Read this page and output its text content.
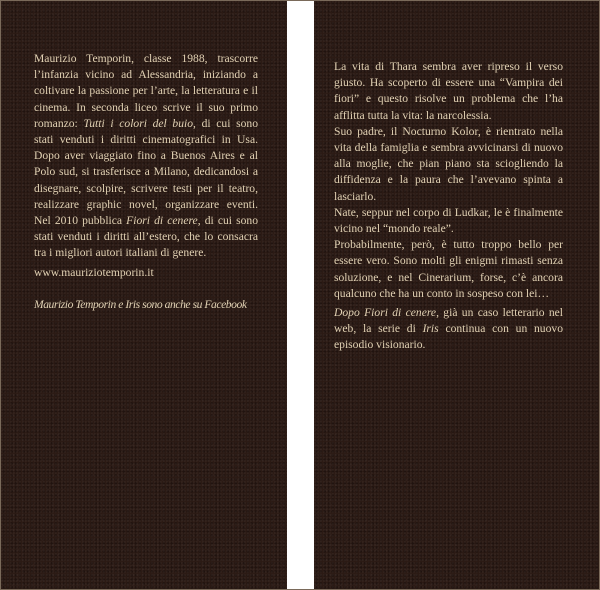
Maurizio Temporin, classe 1988, trascorre l’infanzia vicino ad Alessandria, iniziando a coltivare la passione per l’arte, la letteratura e il cinema. In seconda liceo scrive il suo primo romanzo: Tutti i colori del buio, di cui sono stati venduti i diritti cinematografici in Usa. Dopo aver viaggiato fino a Buenos Aires e al Polo sud, si trasferisce a Milano, dedicandosi a disegnare, scolpire, scrivere testi per il teatro, realizzare graphic novel, organizzare eventi. Nel 2010 pubblica Fiori di cenere, di cui sono stati venduti i diritti all’estero, che lo consacra tra i migliori autori italiani di genere.

www.mauriziotemporin.it

Maurizio Temporin e Iris sono anche su Facebook

La vita di Thara sembra aver ripreso il verso giusto. Ha scoperto di essere una “Vampira dei fiori” e questo risolve un problema che l’ha afflitta tutta la vita: la narcolessia.

Suo padre, il Nocturno Kolor, è rientrato nella vita della famiglia e sembra avvicinarsi di nuovo alla moglie, che pian piano sta sciogliendo la diffidenza e la paura che l’avevano spinta a lasciarlo.

Nate, seppur nel corpo di Ludkar, le è finalmente vicino nel “mondo reale”.

Probabilmente, però, è tutto troppo bello per essere vero. Sono molti gli enigmi rimasti senza soluzione, e nel Cinerarium, forse, c’è ancora qualcuno che ha un conto in sospeso con lei…

Dopo Fiori di cenere, già un caso letterario nel web, la serie di Iris continua con un nuovo episodio visionario.
